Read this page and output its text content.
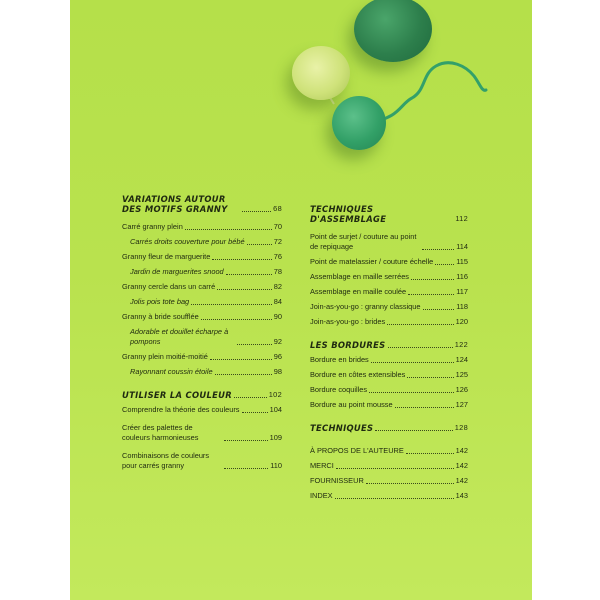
VARIATIONS AUTOUR DES MOTIFS GRANNY	68
Carré granny plein	70
Carrés droits couverture pour bébé	72
Granny fleur de marguerite	76
Jardin de marguerites snood	78
Granny cercle dans un carré	82
Jolis pois tote bag	84
Granny à bride soufflée	90
Adorable et douillet écharpe à pompons	92
Granny plein moitié-moitié	96
Rayonnant coussin étoile	98
UTILISER LA COULEUR	102
Comprendre la théorie des couleurs	104
Créer des palettes de couleurs harmonieuses	109
Combinaisons de couleurs pour carrés granny	110
TECHNIQUES D'ASSEMBLAGE	112
Point de surjet / couture au point de repiquage	114
Point de matelassier / couture échelle	115
Assemblage en maille serrées	116
Assemblage en maille coulée	117
Join-as-you-go : granny classique	118
Join-as-you-go : brides	120
LES BORDURES	122
Bordure en brides	124
Bordure en côtes extensibles	125
Bordure coquilles	126
Bordure au point mousse	127
TECHNIQUES	128
À PROPOS DE L'AUTEURE	142
MERCI	142
FOURNISSEUR	142
INDEX	143
